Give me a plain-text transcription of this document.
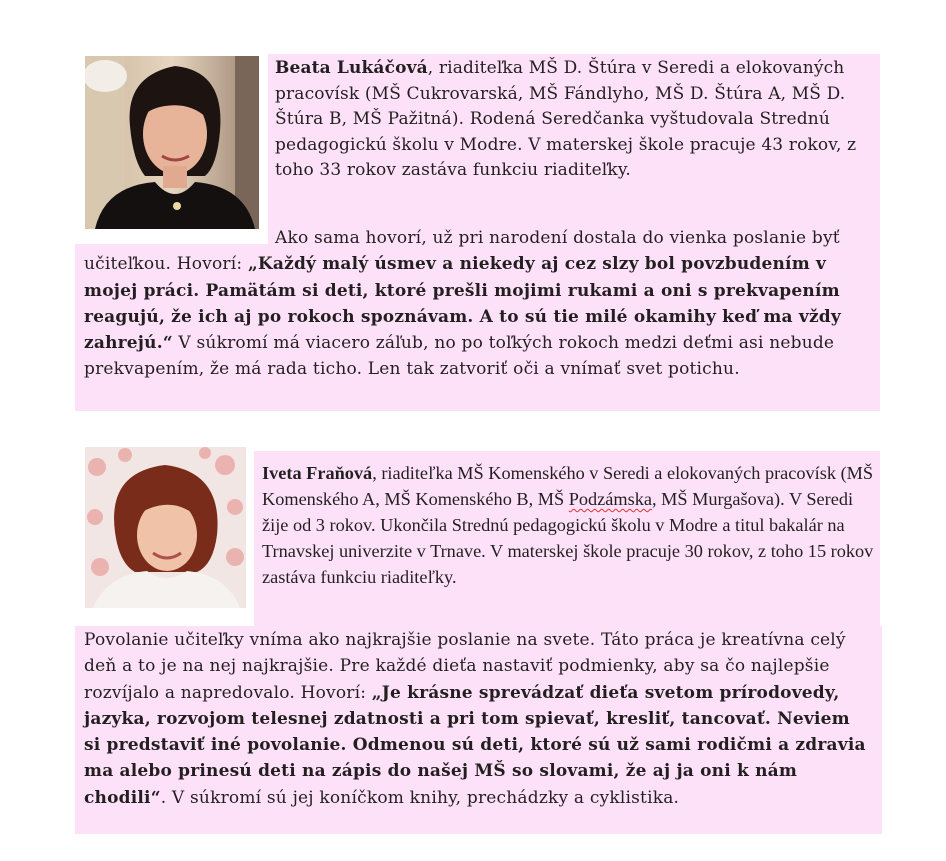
Beata Lukáčová, riaditeľka MŠ D. Štúra v Seredi a elokovaných pracovísk (MŠ Cukrovarská, MŠ Fándlyho, MŠ D. Štúra A, MŠ D. Štúra B, MŠ Pažitná). Rodená Seredčanka vyštudovala Strednú pedagogickú školu v Modre. V materskej škole pracuje 43 rokov, z toho 33 rokov zastáva funkciu riaditeľky.

Ako sama hovorí, už pri narodení dostala do vienka poslanie byť učiteľkou. Hovorí: „Každý malý úsmev a niekedy aj cez slzy bol povzbudením v mojej práci. Pamätám si deti, ktoré prešli mojimi rukami a oni s prekvapením reagujú, že ich aj po rokoch spoznávam. A to sú tie milé okamihy keď ma vždy zahrejú.“ V súkromí má viacero záľub, no po toľkých rokoch medzi deťmi asi nebude prekvapením, že má rada ticho. Len tak zatvoriť oči a vnímať svet potichu.

Iveta Fraňová, riaditeľka MŠ Komenského v Seredi a elokovaných pracovísk (MŠ Komenského A, MŠ Komenského B, MŠ Podzámska, MŠ Murgašova). V Seredi žije od 3 rokov. Ukončila Strednú pedagogickú školu v Modre a titul bakalár na Trnavskej univerzite v Trnave. V materskej škole pracuje 30 rokov, z toho 15 rokov zastáva funkciu riaditeľky.

Povolanie učiteľky vníma ako najkrajšie poslanie na svete. Táto práca je kreatívna celý deň a to je na nej najkrajšie. Pre každé dieťa nastaviť podmienky, aby sa čo najlepšie rozvíjalo a napredovalo. Hovorí: „Je krásne sprevádzať dieťa svetom prírodovedy, jazyka, rozvojom telesnej zdatnosti a pri tom spievať, kresliť, tancovať. Neviem si predstaviť iné povolanie. Odmenou sú deti, ktoré sú už sami rodičmi a zdravia ma alebo prinesú deti na zápis do našej MŠ so slovami, že aj ja oni k nám chodili“. V súkromí sú jej koníčkom knihy, prechádzky a cyklistika.
